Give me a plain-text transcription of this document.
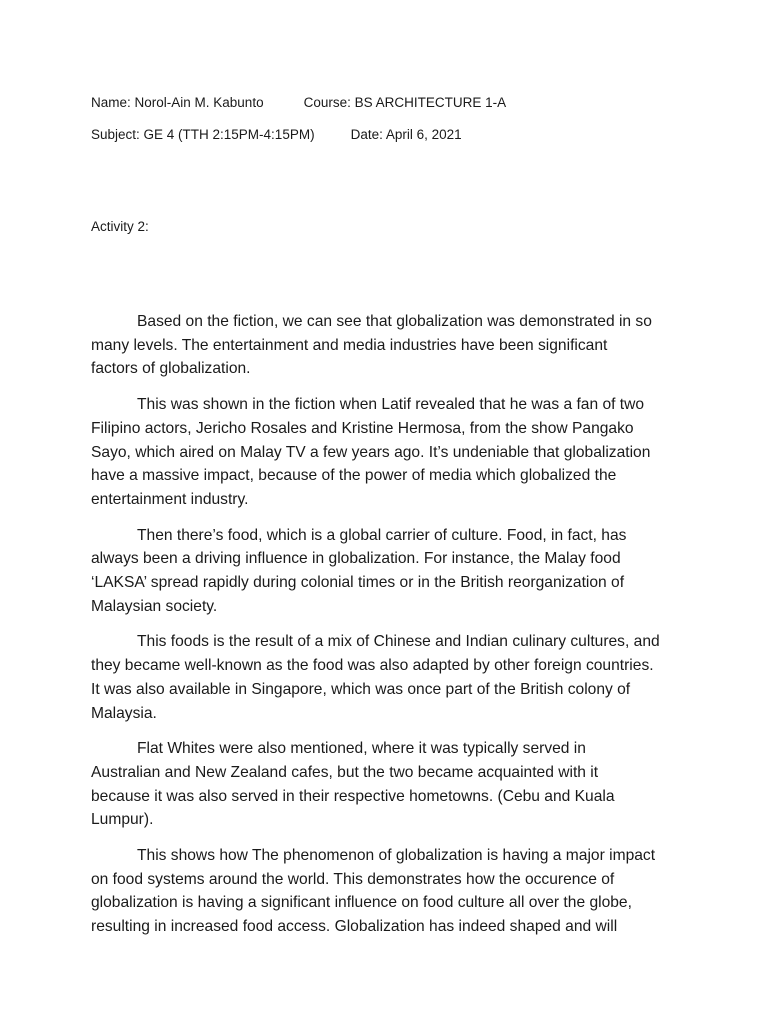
Name: Norol-Ain M. Kabunto	Course: BS ARCHITECTURE 1-A
Subject: GE 4 (TTH 2:15PM-4:15PM)	Date: April 6, 2021
Activity 2:

Based on the fiction, we can see that globalization was demonstrated in so
many levels. The entertainment and media industries have been significant
factors of globalization.

This was shown in the fiction when Latif revealed that he was a fan of two
Filipino actors, Jericho Rosales and Kristine Hermosa, from the show Pangako
Sayo, which aired on Malay TV a few years ago. It’s undeniable that globalization
have a massive impact, because of the power of media which globalized the
entertainment industry.

Then there’s food, which is a global carrier of culture. Food, in fact, has
always been a driving influence in globalization. For instance, the Malay food
‘LAKSA’ spread rapidly during colonial times or in the British reorganization of
Malaysian society.

This foods is the result of a mix of Chinese and Indian culinary cultures, and
they became well-known as the food was also adapted by other foreign countries.
It was also available in Singapore, which was once part of the British colony of
Malaysia.

Flat Whites were also mentioned, where it was typically served in
Australian and New Zealand cafes, but the two became acquainted with it
because it was also served in their respective hometowns. (Cebu and Kuala
Lumpur).

This shows how The phenomenon of globalization is having a major impact
on food systems around the world. This demonstrates how the occurence of
globalization is having a significant influence on food culture all over the globe,
resulting in increased food access. Globalization has indeed shaped and will
